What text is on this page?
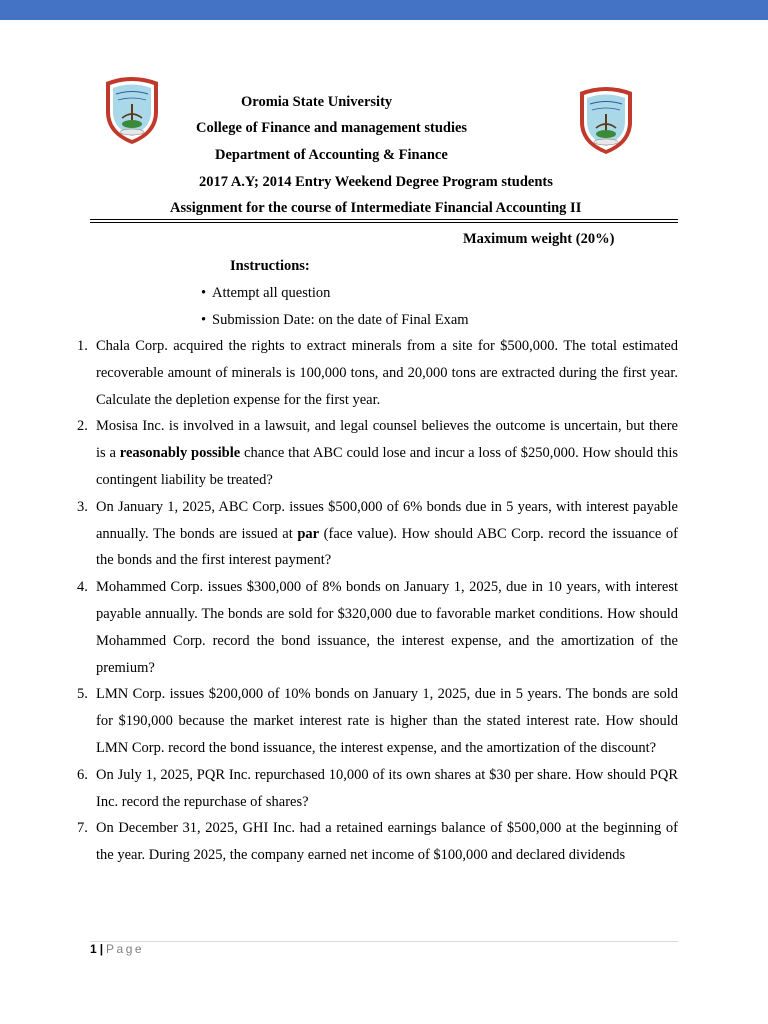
Oromia State University
College of Finance and management studies
Department of Accounting & Finance
2017 A.Y; 2014 Entry Weekend Degree Program students
Assignment for the course of Intermediate Financial Accounting II
Maximum weight (20%)
Instructions:
• Attempt all question
• Submission Date: on the date of Final Exam
1. Chala Corp. acquired the rights to extract minerals from a site for $500,000. The total estimated recoverable amount of minerals is 100,000 tons, and 20,000 tons are extracted during the first year. Calculate the depletion expense for the first year.
2. Mosisa Inc. is involved in a lawsuit, and legal counsel believes the outcome is uncertain, but there is a reasonably possible chance that ABC could lose and incur a loss of $250,000. How should this contingent liability be treated?
3. On January 1, 2025, ABC Corp. issues $500,000 of 6% bonds due in 5 years, with interest payable annually. The bonds are issued at par (face value). How should ABC Corp. record the issuance of the bonds and the first interest payment?
4. Mohammed Corp. issues $300,000 of 8% bonds on January 1, 2025, due in 10 years, with interest payable annually. The bonds are sold for $320,000 due to favorable market conditions. How should Mohammed Corp. record the bond issuance, the interest expense, and the amortization of the premium?
5. LMN Corp. issues $200,000 of 10% bonds on January 1, 2025, due in 5 years. The bonds are sold for $190,000 because the market interest rate is higher than the stated interest rate. How should LMN Corp. record the bond issuance, the interest expense, and the amortization of the discount?
6. On July 1, 2025, PQR Inc. repurchased 10,000 of its own shares at $30 per share. How should PQR Inc. record the repurchase of shares?
7. On December 31, 2025, GHI Inc. had a retained earnings balance of $500,000 at the beginning of the year. During 2025, the company earned net income of $100,000 and declared dividends
1 | Page
